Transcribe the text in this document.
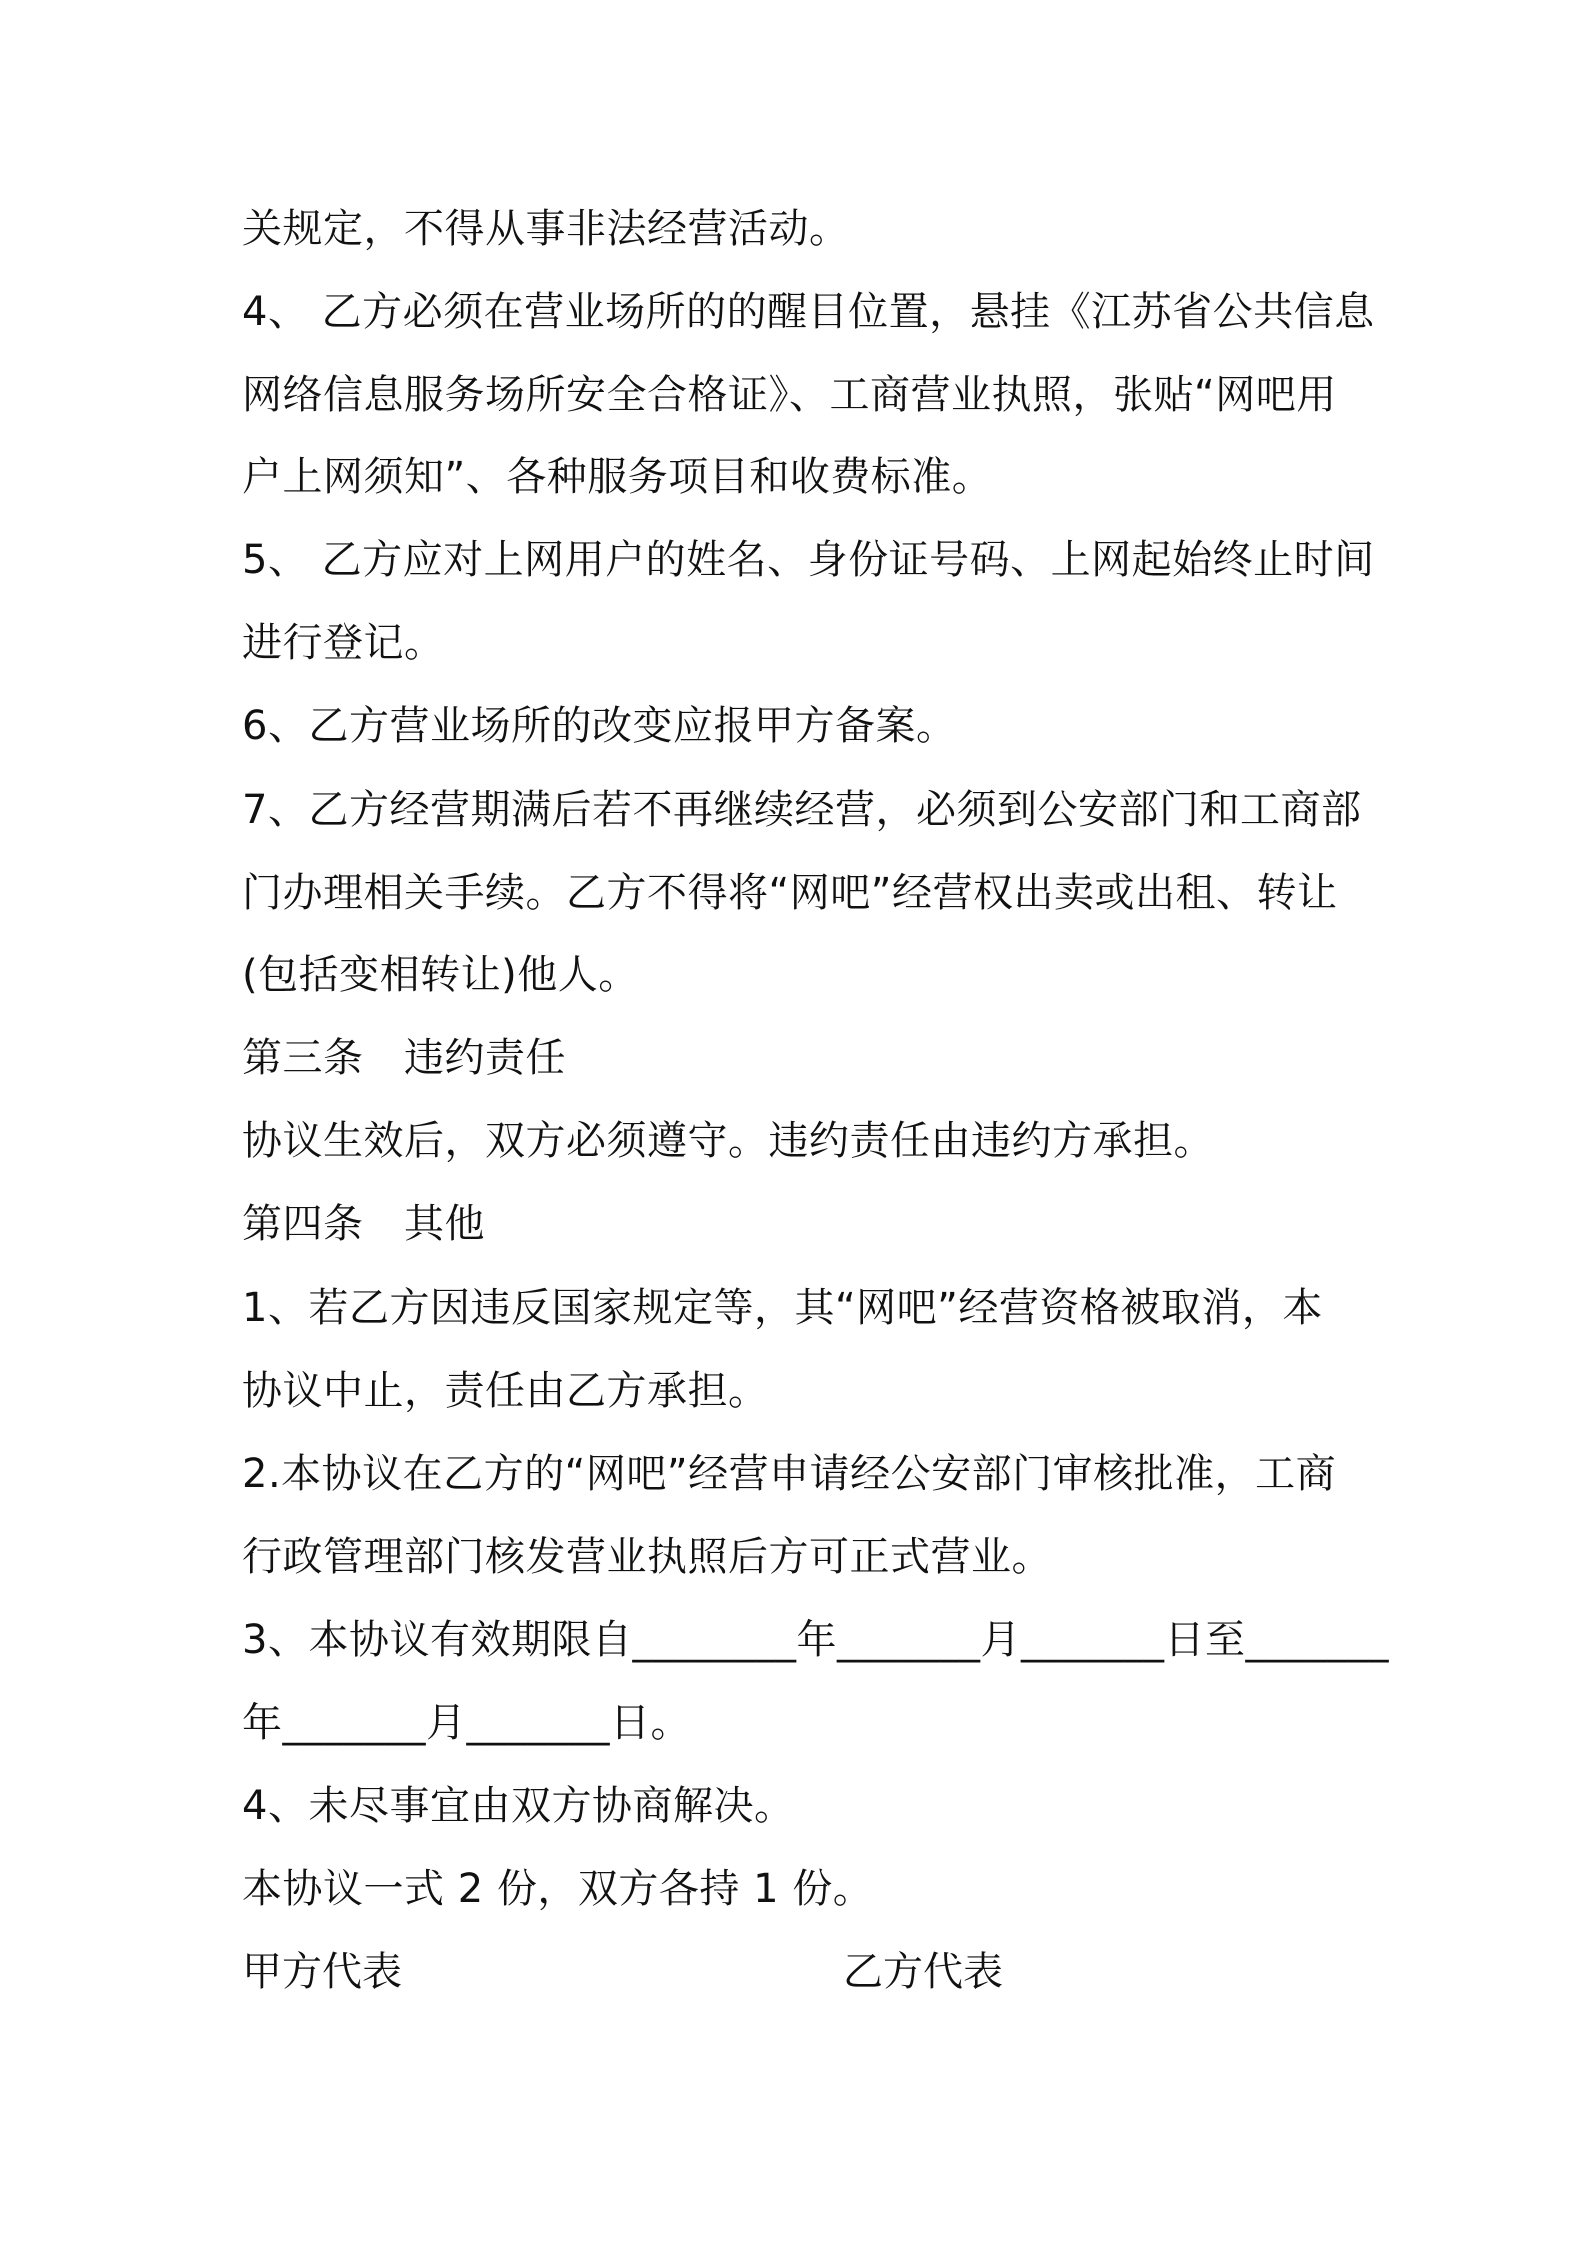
关规定，不得从事非法经营活动。
4、 乙方必须在营业场所的的醒目位置，悬挂《江苏省公共信息
网络信息服务场所安全合格证》、工商营业执照，张贴“网吧用
户上网须知”、各种服务项目和收费标准。
5、 乙方应对上网用户的姓名、身份证号码、上网起始终止时间
进行登记。
6、乙方营业场所的改变应报甲方备案。
7、乙方经营期满后若不再继续经营，必须到公安部门和工商部
门办理相关手续。乙方不得将“网吧”经营权出卖或出租、转让
(包括变相转让)他人。
第三条　违约责任
协议生效后，双方必须遵守。违约责任由违约方承担。
第四条　其他
1、若乙方因违反国家规定等，其“网吧”经营资格被取消，本
协议中止，责任由乙方承担。
2.本协议在乙方的“网吧”经营申请经公安部门审核批准，工商
行政管理部门核发营业执照后方可正式营业。
3、本协议有效期限自________年_______月_______日至_______
年_______月_______日。
4、未尽事宜由双方协商解决。
本协议一式 2 份，双方各持 1 份。
甲方代表	乙方代表
